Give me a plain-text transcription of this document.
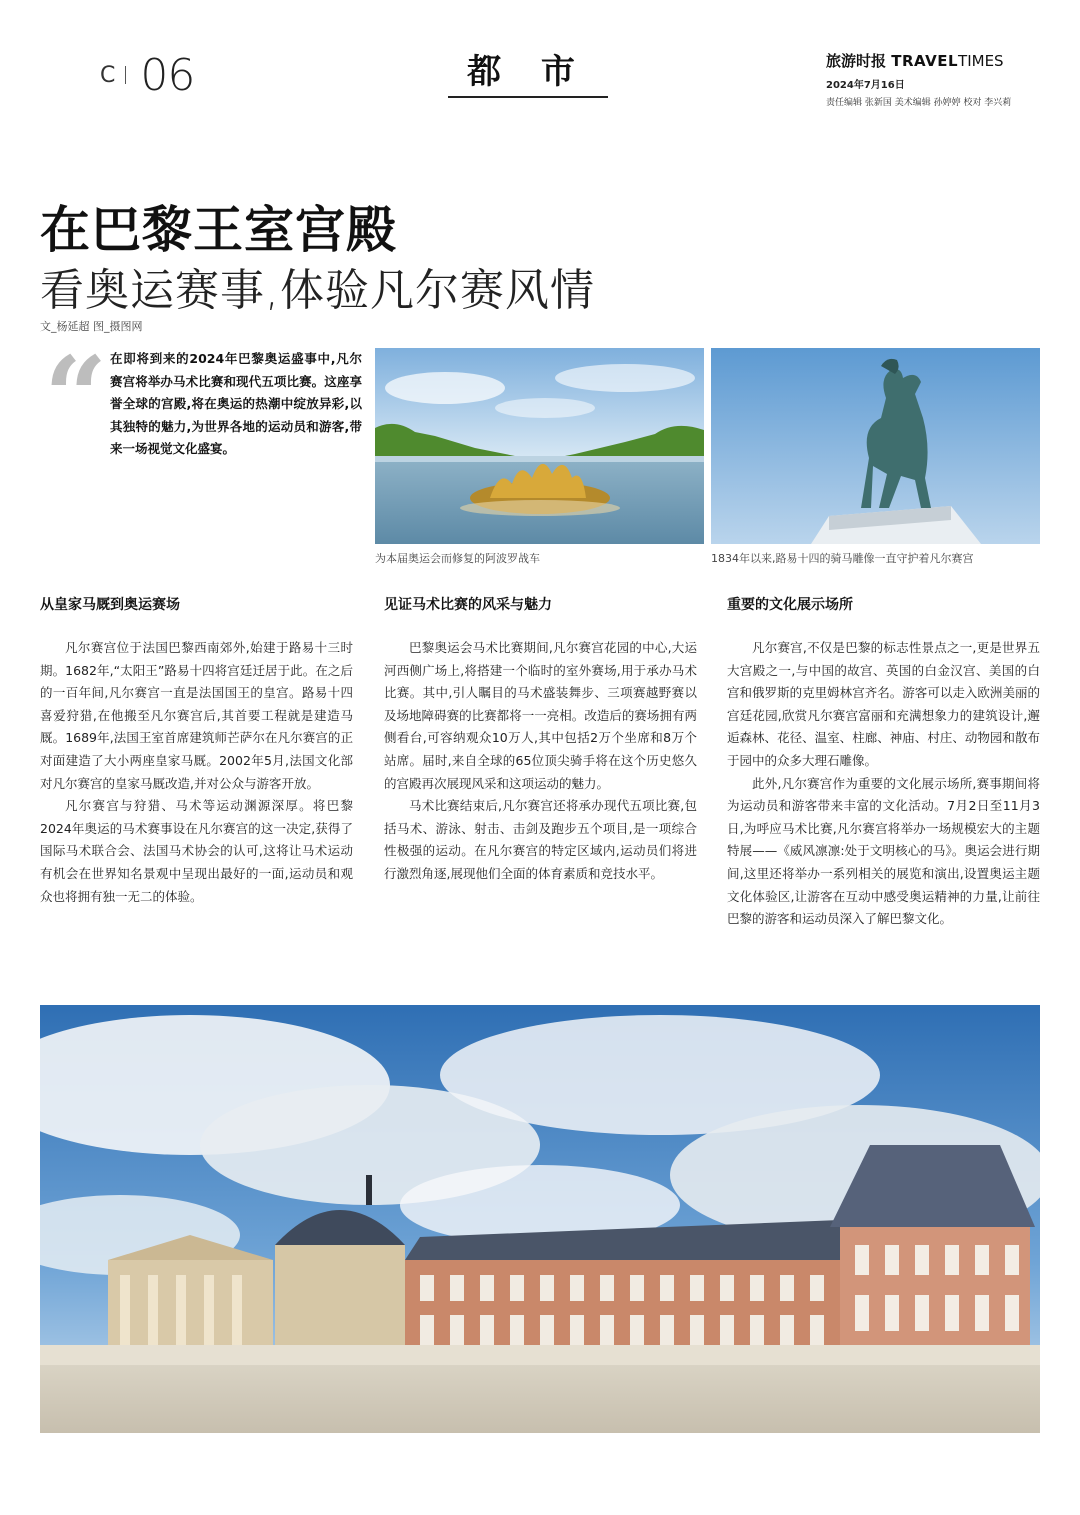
C 06	都 市	旅游时报 TRAVELTIMES
2024年7月16日
责任编辑 张新国 美术编辑 孙婷婷 校对 李兴莉
在巴黎王室宫殿
看奥运赛事,体验凡尔赛风情
文_杨延超 图_摄图网
“ 在即将到来的2024年巴黎奥运盛事中,凡尔赛宫将举办马术比赛和现代五项比赛。这座享誉全球的宫殿,将在奥运的热潮中绽放异彩,以其独特的魅力,为世界各地的运动员和游客,带来一场视觉文化盛宴。
为本届奥运会而修复的阿波罗战车	1834年以来,路易十四的骑马雕像一直守护着凡尔赛宫
从皇家马厩到奥运赛场

凡尔赛宫位于法国巴黎西南郊外,始建于路易十三时期。1682年,“太阳王”路易十四将宫廷迁居于此。在之后的一百年间,凡尔赛宫一直是法国国王的皇宫。路易十四喜爱狩猎,在他搬至凡尔赛宫后,其首要工程就是建造马厩。1689年,法国王室首席建筑师芒萨尔在凡尔赛宫的正对面建造了大小两座皇家马厩。2002年5月,法国文化部对凡尔赛宫的皇家马厩改造,并对公众与游客开放。

凡尔赛宫与狩猎、马术等运动渊源深厚。将巴黎2024年奥运的马术赛事设在凡尔赛宫的这一决定,获得了国际马术联合会、法国马术协会的认可,这将让马术运动有机会在世界知名景观中呈现出最好的一面,运动员和观众也将拥有独一无二的体验。

见证马术比赛的风采与魅力

巴黎奥运会马术比赛期间,凡尔赛宫花园的中心,大运河西侧广场上,将搭建一个临时的室外赛场,用于承办马术比赛。其中,引人瞩目的马术盛装舞步、三项赛越野赛以及场地障碍赛的比赛都将一一亮相。改造后的赛场拥有两侧看台,可容纳观众10万人,其中包括2万个坐席和8万个站席。届时,来自全球的65位顶尖骑手将在这个历史悠久的宫殿再次展现风采和这项运动的魅力。

马术比赛结束后,凡尔赛宫还将承办现代五项比赛,包括马术、游泳、射击、击剑及跑步五个项目,是一项综合性极强的运动。在凡尔赛宫的特定区域内,运动员们将进行激烈角逐,展现他们全面的体育素质和竞技水平。

重要的文化展示场所

凡尔赛宫,不仅是巴黎的标志性景点之一,更是世界五大宫殿之一,与中国的故宫、英国的白金汉宫、美国的白宫和俄罗斯的克里姆林宫齐名。游客可以走入欧洲美丽的宫廷花园,欣赏凡尔赛宫富丽和充满想象力的建筑设计,邂逅森林、花径、温室、柱廊、神庙、村庄、动物园和散布于园中的众多大理石雕像。

此外,凡尔赛宫作为重要的文化展示场所,赛事期间将为运动员和游客带来丰富的文化活动。7月2日至11月3日,为呼应马术比赛,凡尔赛宫将举办一场规模宏大的主题特展——《威风凛凛:处于文明核心的马》。奥运会进行期间,这里还将举办一系列相关的展览和演出,设置奥运主题文化体验区,让游客在互动中感受奥运精神的力量,让前往巴黎的游客和运动员深入了解巴黎文化。
